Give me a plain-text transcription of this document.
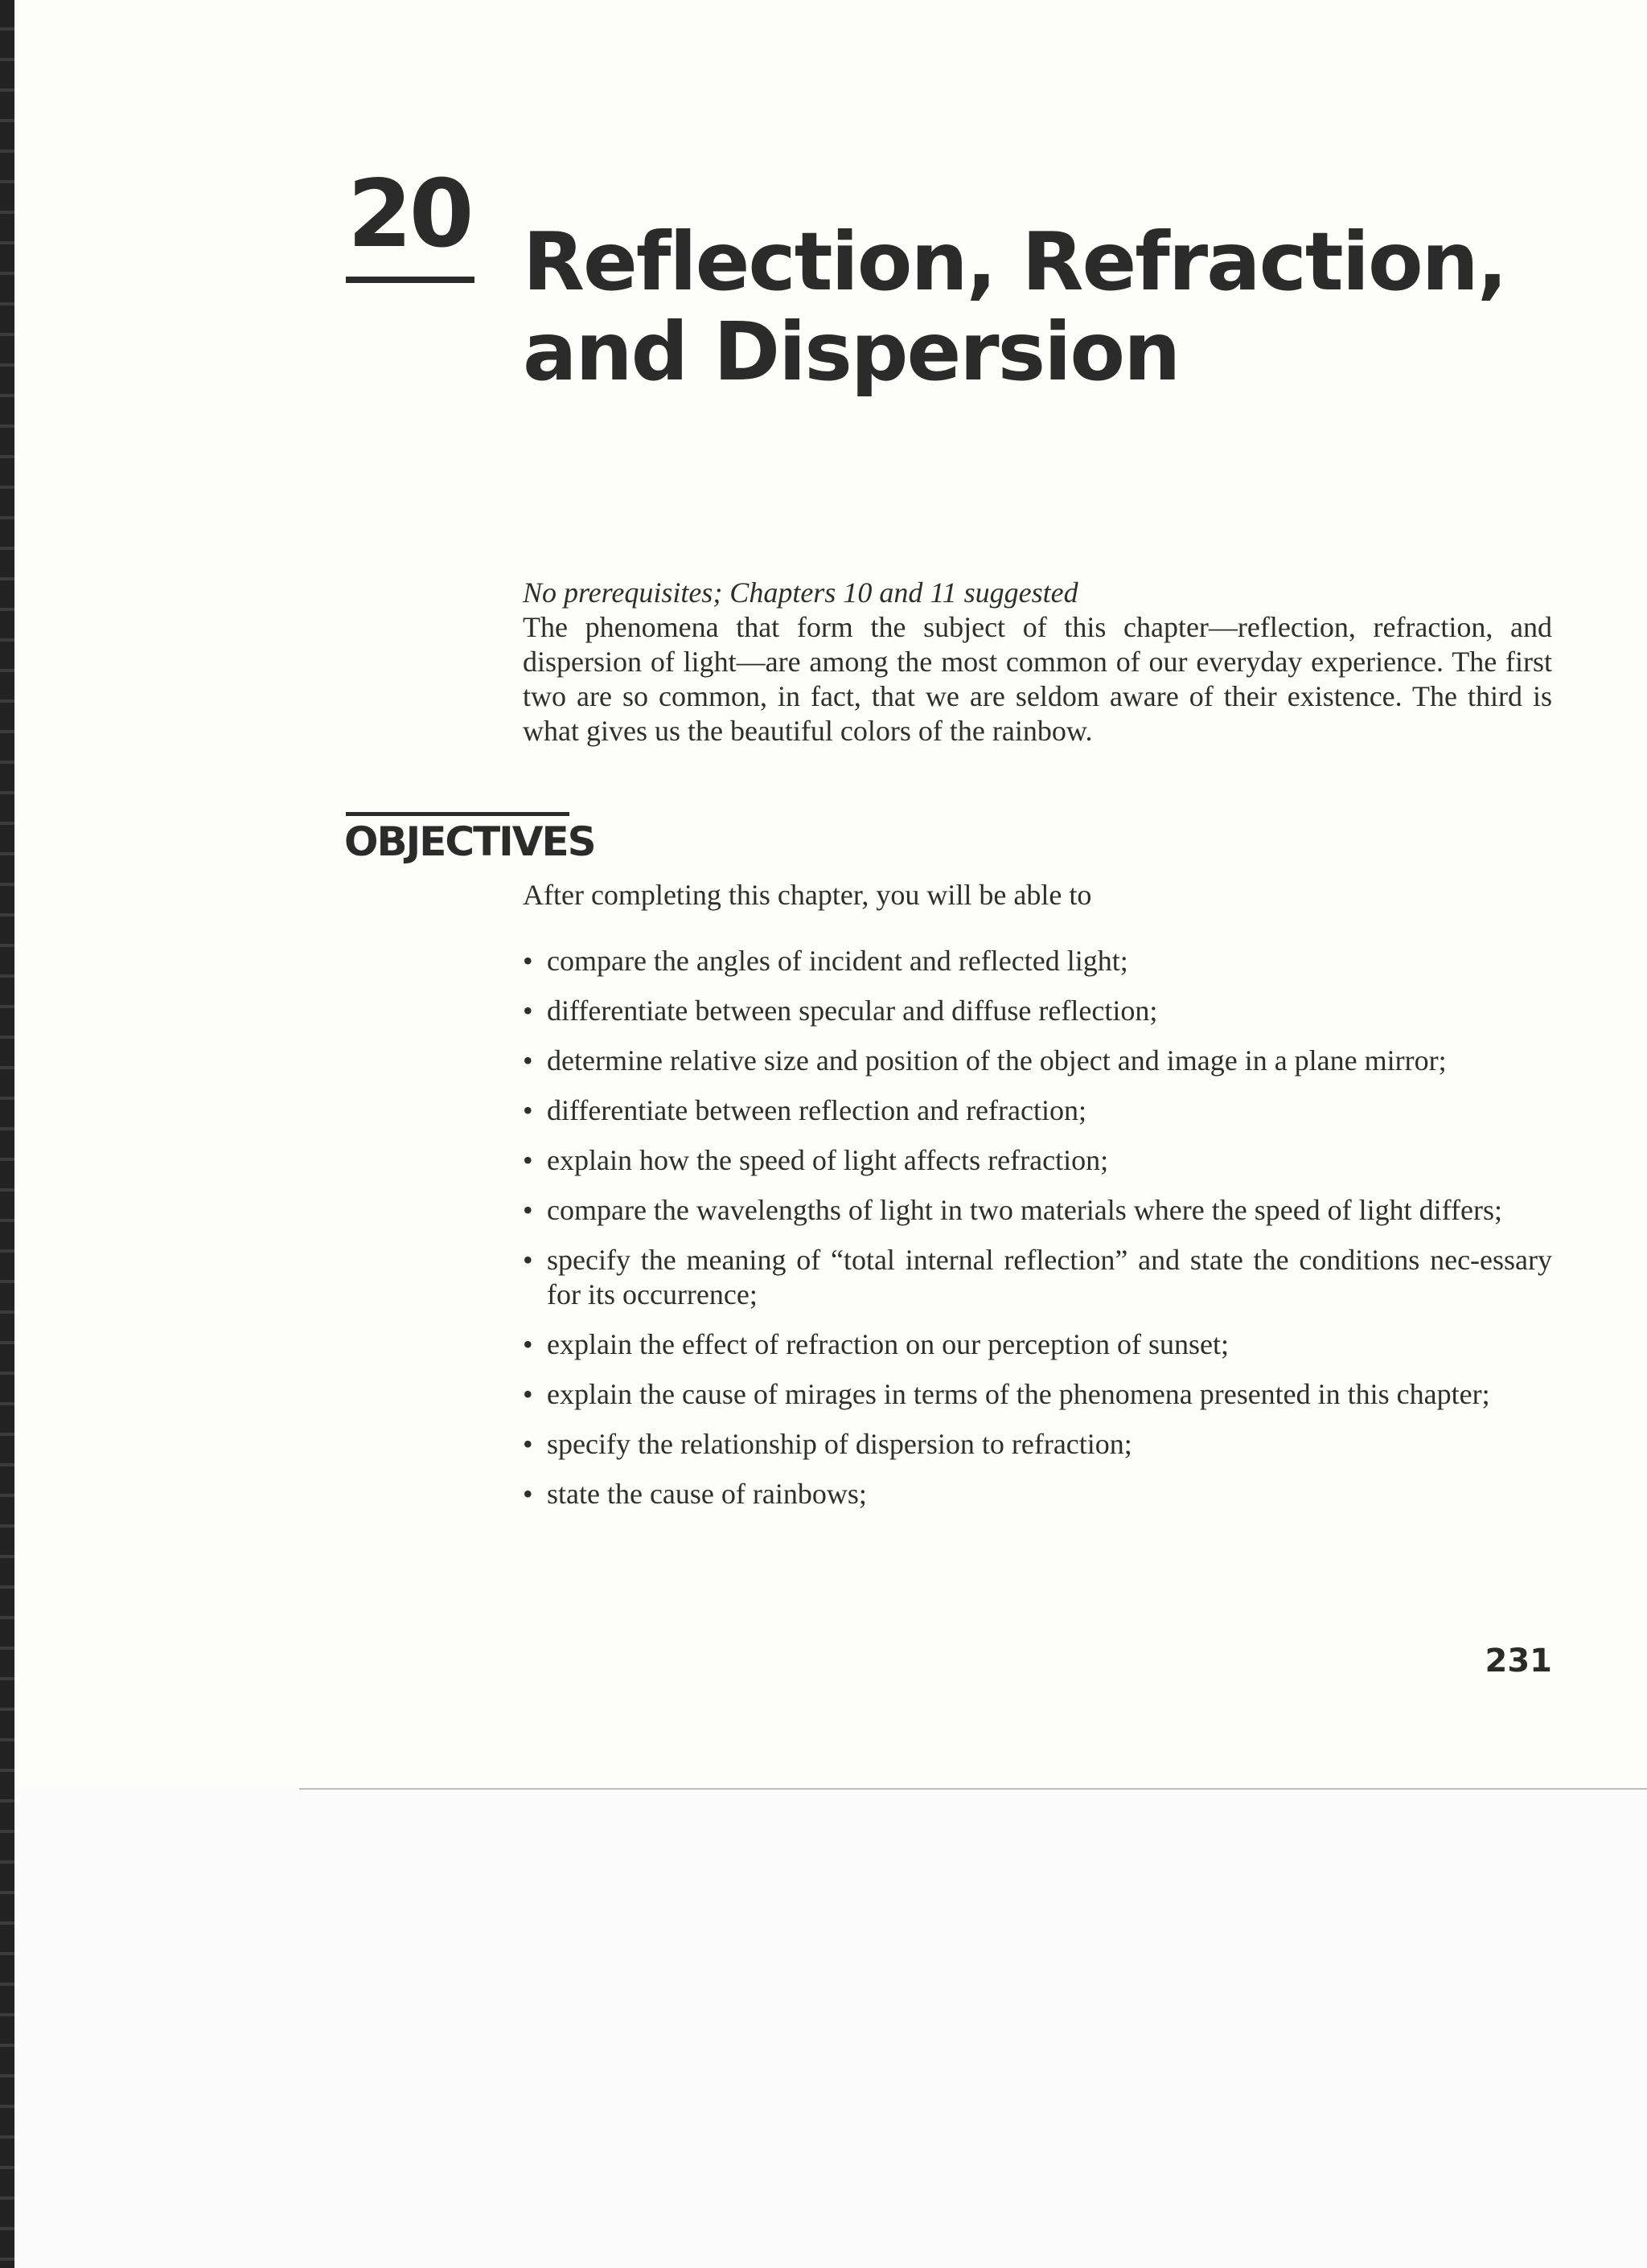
20 Reflection, Refraction,
and Dispersion
No prerequisites; Chapters 10 and 11 suggested
The phenomena that form the subject of this chapter—reflection, refraction, and dispersion of light—are among the most common of our everyday experience. The first two are so common, in fact, that we are seldom aware of their existence. The third is what gives us the beautiful colors of the rainbow.
OBJECTIVES
After completing this chapter, you will be able to
• compare the angles of incident and reflected light;
• differentiate between specular and diffuse reflection;
• determine relative size and position of the object and image in a plane mirror;
• differentiate between reflection and refraction;
• explain how the speed of light affects refraction;
• compare the wavelengths of light in two materials where the speed of light differs;
• specify the meaning of “total internal reflection” and state the conditions nec-essary for its occurrence;
• explain the effect of refraction on our perception of sunset;
• explain the cause of mirages in terms of the phenomena presented in this chapter;
• specify the relationship of dispersion to refraction;
• state the cause of rainbows;
231
